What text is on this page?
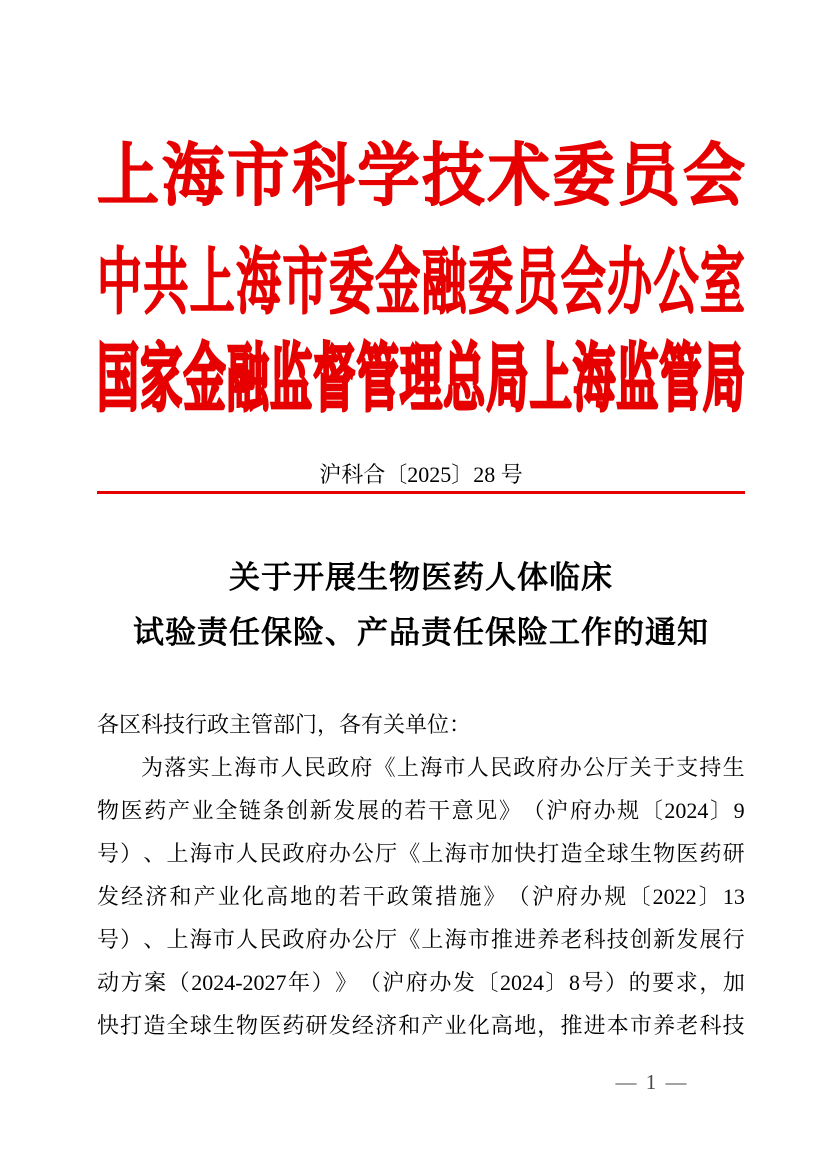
上 海 市 科 学 技 术 委 员 会
中 共 上 海 市 委 金 融 委 员 会 办 公 室
国 家 金 融 监 督 管 理 总 局 上 海 监 管 局
沪科合〔2025〕28 号
关于开展生物医药人体临床
试验责任保险、产品责任保险工作的通知
各区科技行政主管部门，各有关单位：
为 落 实 上 海 市 人 民 政 府 《 上 海 市 人 民 政 府 办 公 厅 关 于 支 持 生
物 医 药 产 业 全 链 条 创 新 发 展 的 若 干 意 见 》 （ 沪 府 办 规 〔 2024 〕 9
号 ） 、 上 海 市 人 民 政 府 办 公 厅 《 上 海 市 加 快 打 造 全 球 生 物 医 药 研
发 经 济 和 产 业 化 高 地 的 若 干 政 策 措 施 》 （ 沪 府 办 规 〔 2022 〕 13
号 ） 、 上 海 市 人 民 政 府 办 公 厅 《 上 海 市 推 进 养 老 科 技 创 新 发 展 行
动 方 案 （ 2024-2027 年 ） 》 （ 沪 府 办 发 〔 2024 〕 8 号 ） 的 要 求 ， 加
快 打 造 全 球 生 物 医 药 研 发 经 济 和 产 业 化 高 地 ， 推 进 本 市 养 老 科 技
— 1 —
